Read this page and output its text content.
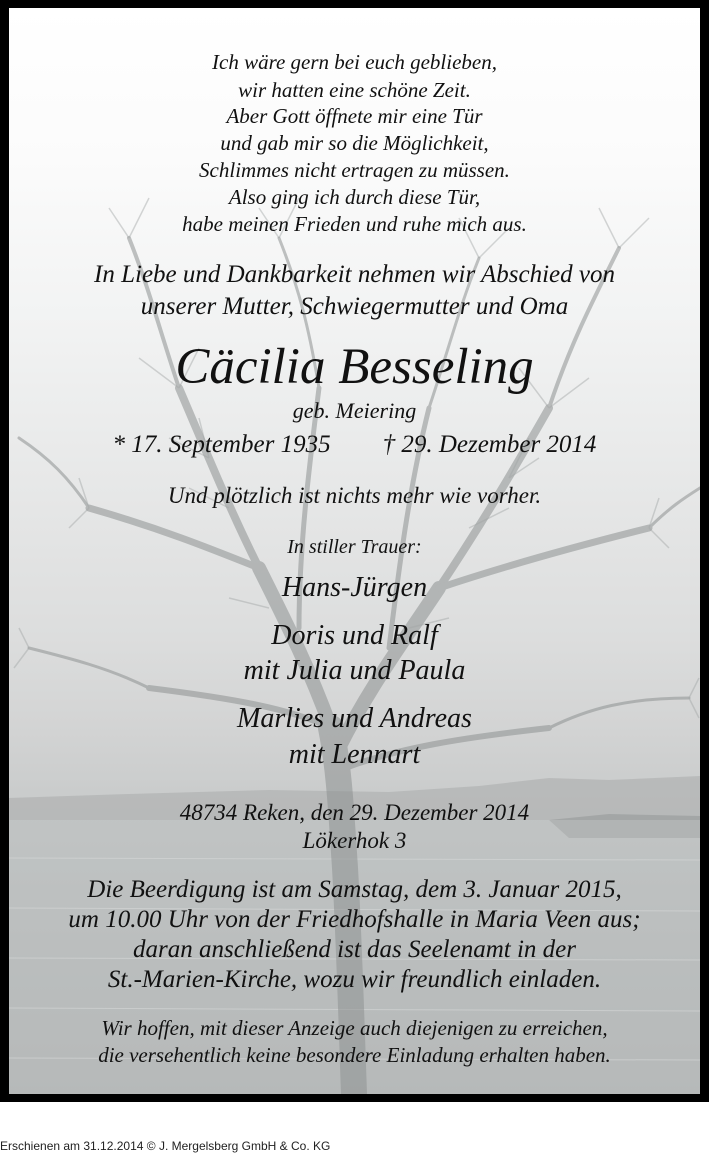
Ich wäre gern bei euch geblieben,
wir hatten eine schöne Zeit.
Aber Gott öffnete mir eine Tür
und gab mir so die Möglichkeit,
Schlimmes nicht ertragen zu müssen.
Also ging ich durch diese Tür,
habe meinen Frieden und ruhe mich aus.
In Liebe und Dankbarkeit nehmen wir Abschied von
unserer Mutter, Schwiegermutter und Oma
Cäcilia Besseling
geb. Meiering
* 17. September 1935 † 29. Dezember 2014
Und plötzlich ist nichts mehr wie vorher.
In stiller Trauer:
Hans-Jürgen
Doris und Ralf
mit Julia und Paula
Marlies und Andreas
mit Lennart
48734 Reken, den 29. Dezember 2014
Lökerhok 3
Die Beerdigung ist am Samstag, dem 3. Januar 2015,
um 10.00 Uhr von der Friedhofshalle in Maria Veen aus;
daran anschließend ist das Seelenamt in der
St.-Marien-Kirche, wozu wir freundlich einladen.
Wir hoffen, mit dieser Anzeige auch diejenigen zu erreichen,
die versehentlich keine besondere Einladung erhalten haben.
Erschienen am 31.12.2014 © J. Mergelsberg GmbH & Co. KG
